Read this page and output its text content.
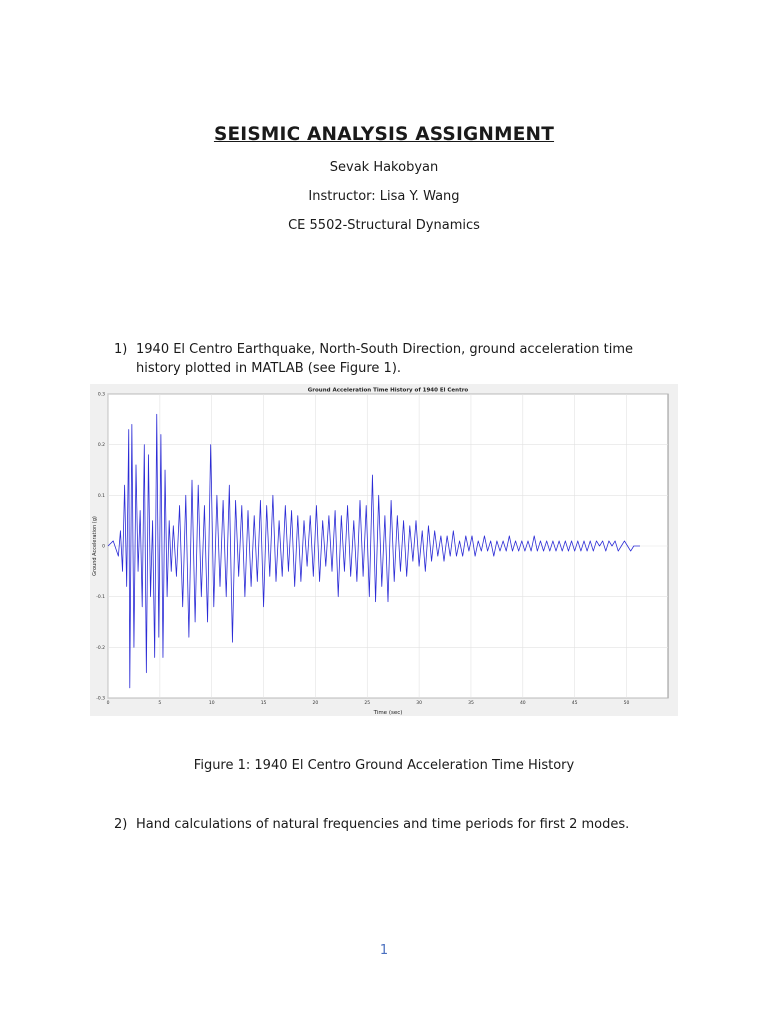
SEISMIC ANALYSIS ASSIGNMENT
Sevak Hakobyan
Instructor: Lisa Y. Wang
CE 5502-Structural Dynamics
1) 1940 El Centro Earthquake, North-South Direction, ground acceleration time history plotted in MATLAB (see Figure 1).
0	5	10	15	20	25	30	35	40	45	50
0.3
0.2
0.1
0
-0.1
-0.2
-0.3
Ground Acceleration Time History of 1940 El Centro
Time (sec)
Ground Acceleration (g)
Figure 1: 1940 El Centro Ground Acceleration Time History
2) Hand calculations of natural frequencies and time periods for first 2 modes.
1
